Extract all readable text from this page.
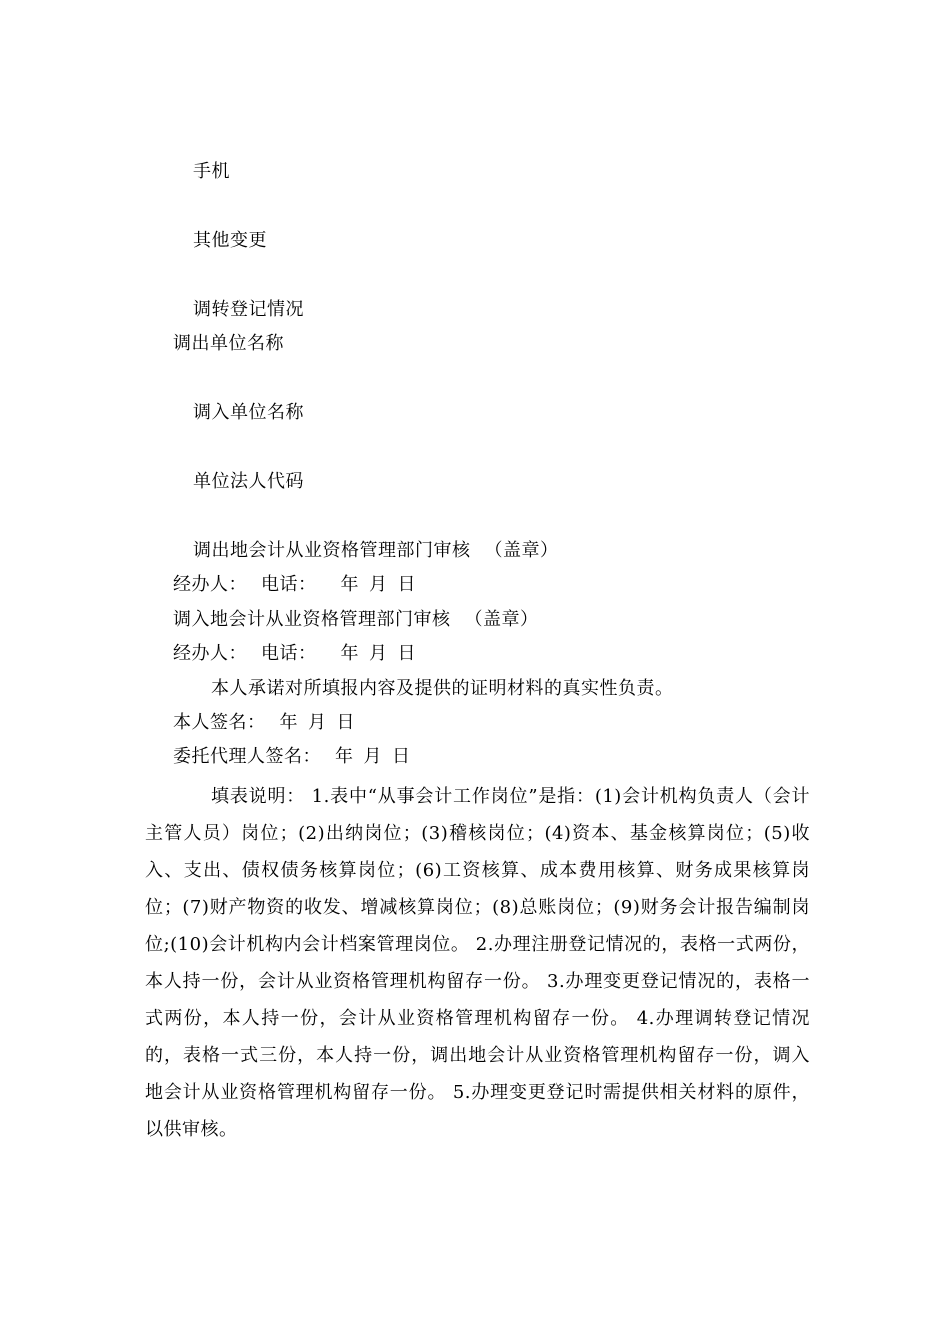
手机
其他变更
调转登记情况
调出单位名称
调入单位名称
单位法人代码
调出地会计从业资格管理部门审核 （盖章）
经办人： 电话： 年 月 日
调入地会计从业资格管理部门审核 （盖章）
经办人： 电话： 年 月 日
本人承诺对所填报内容及提供的证明材料的真实性负责。
本人签名： 年 月 日
委托代理人签名： 年 月 日
填表说明： 1.表中“从事会计工作岗位”是指：(1)会计机构负责人（会计主管人员）岗位；(2)出纳岗位；(3)稽核岗位；(4)资本、基金核算岗位；(5)收入、支出、债权债务核算岗位；(6)工资核算、成本费用核算、财务成果核算岗位；(7)财产物资的收发、增减核算岗位；(8)总账岗位；(9)财务会计报告编制岗位;(10)会计机构内会计档案管理岗位。 2.办理注册登记情况的，表格一式两份，本人持一份，会计从业资格管理机构留存一份。 3.办理变更登记情况的，表格一式两份，本人持一份，会计从业资格管理机构留存一份。 4.办理调转登记情况的，表格一式三份，本人持一份，调出地会计从业资格管理机构留存一份，调入地会计从业资格管理机构留存一份。 5.办理变更登记时需提供相关材料的原件，以供审核。
